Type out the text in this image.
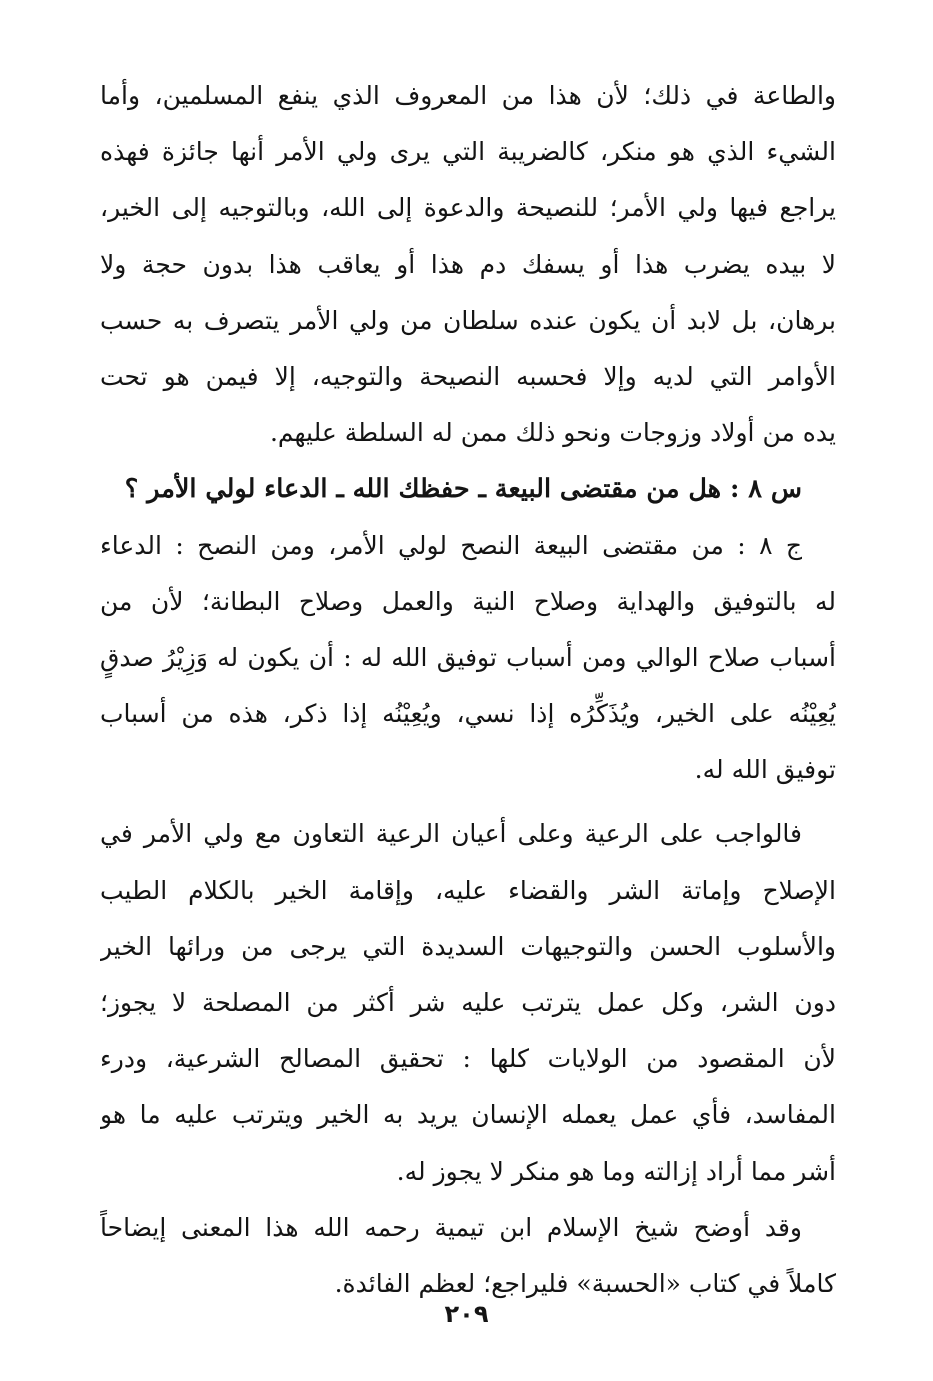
والطاعة في ذلك؛ لأن هذا من المعروف الذي ينفع المسلمين، وأما
الشيء الذي هو منكر، كالضريبة التي يرى ولي الأمر أنها جائزة فهذه
يراجع فيها ولي الأمر؛ للنصيحة والدعوة إلى الله، وبالتوجيه إلى الخير،
لا بيده يضرب هذا أو يسفك دم هذا أو يعاقب هذا بدون حجة ولا
برهان، بل لابد أن يكون عنده سلطان من ولي الأمر يتصرف به حسب
الأوامر التي لديه وإلا فحسبه النصيحة والتوجيه، إلا فيمن هو تحت
يده من أولاد وزوجات ونحو ذلك ممن له السلطة عليهم.
س ٨ : هل من مقتضى البيعة ـ حفظك الله ـ الدعاء لولي الأمر ؟
ج ٨ : من مقتضى البيعة النصح لولي الأمر، ومن النصح : الدعاء
له بالتوفيق والهداية وصلاح النية والعمل وصلاح البطانة؛ لأن من
أسباب صلاح الوالي ومن أسباب توفيق الله له : أن يكون له وَزِيْرُ صدقٍ
يُعِيْنُه على الخير، ويُذَكِّرُه إذا نسي، ويُعِيْنُه إذا ذكر، هذه من أسباب
توفيق الله له.
فالواجب على الرعية وعلى أعيان الرعية التعاون مع ولي الأمر في
الإصلاح وإماتة الشر والقضاء عليه، وإقامة الخير بالكلام الطيب
والأسلوب الحسن والتوجيهات السديدة التي يرجى من ورائها الخير
دون الشر، وكل عمل يترتب عليه شر أكثر من المصلحة لا يجوز؛
لأن المقصود من الولايات كلها : تحقيق المصالح الشرعية، ودرء
المفاسد، فأي عمل يعمله الإنسان يريد به الخير ويترتب عليه ما هو
أشر مما أراد إزالته وما هو منكر لا يجوز له.
وقد أوضح شيخ الإسلام ابن تيمية رحمه الله هذا المعنى إيضاحاً
كاملاً في كتاب «الحسبة» فليراجع؛ لعظم الفائدة.
٢٠٩
